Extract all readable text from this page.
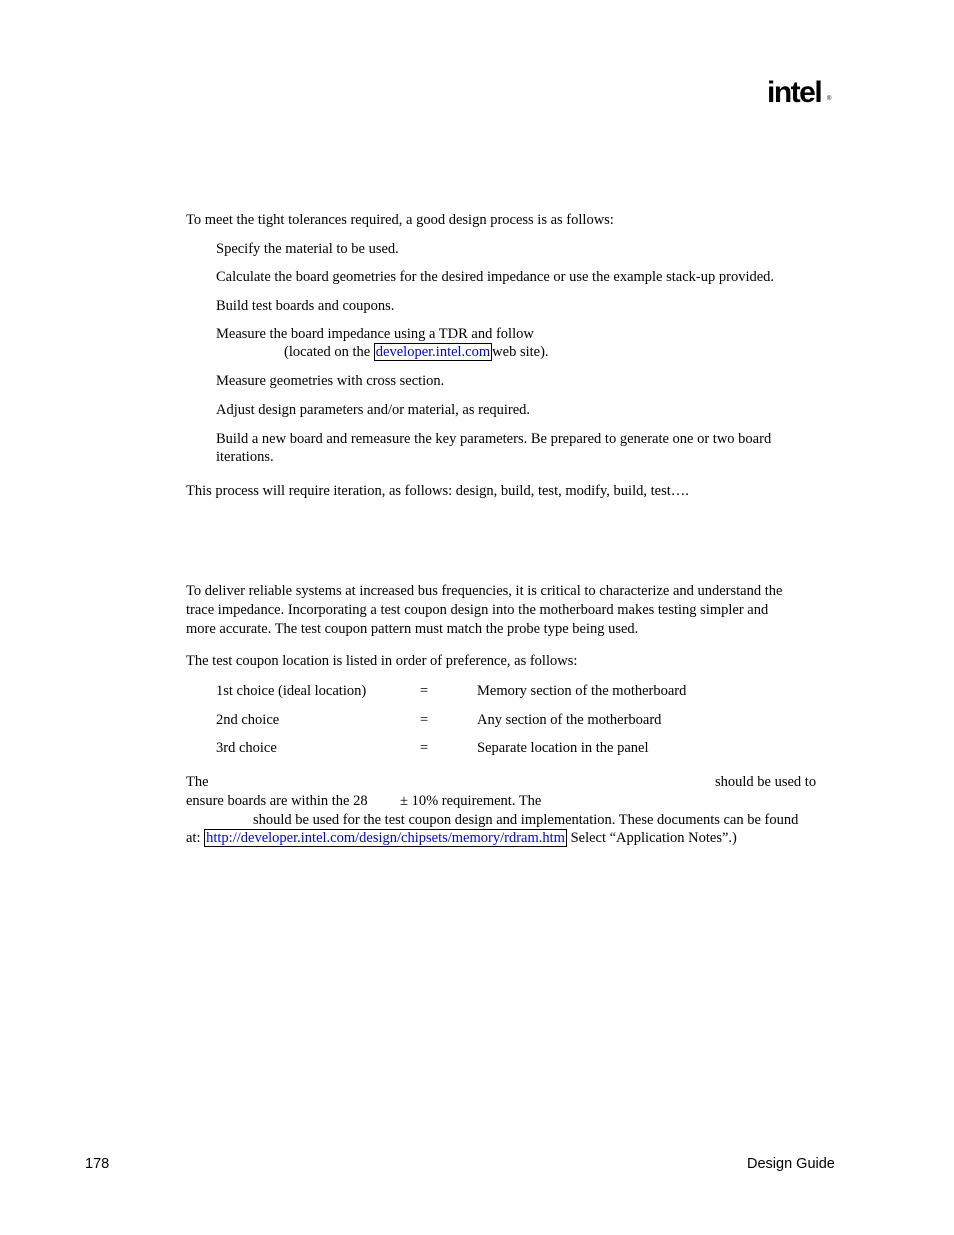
intel ®
To meet the tight tolerances required, a good design process is as follows:
Specify the material to be used.
Calculate the board geometries for the desired impedance or use the example stack-up provided.
Build test boards and coupons.
Measure the board impedance using a TDR and follow
(located on the developer.intel.com web site).
Measure geometries with cross section.
Adjust design parameters and/or material, as required.
Build a new board and remeasure the key parameters. Be prepared to generate one or two board
iterations.
This process will require iteration, as follows: design, build, test, modify, build, test….
To deliver reliable systems at increased bus frequencies, it is critical to characterize and understand the
trace impedance. Incorporating a test coupon design into the motherboard makes testing simpler and
more accurate. The test coupon pattern must match the probe type being used.
The test coupon location is listed in order of preference, as follows:
1st choice (ideal location)	=	Memory section of the motherboard
2nd choice	=	Any section of the motherboard
3rd choice	=	Separate location in the panel
The	should be used to
ensure boards are within the 28 ± 10% requirement. The
should be used for the test coupon design and implementation. These documents can be found
at: http://developer.intel.com/design/chipsets/memory/rdram.htm Select “Application Notes”.)
178	Design Guide
